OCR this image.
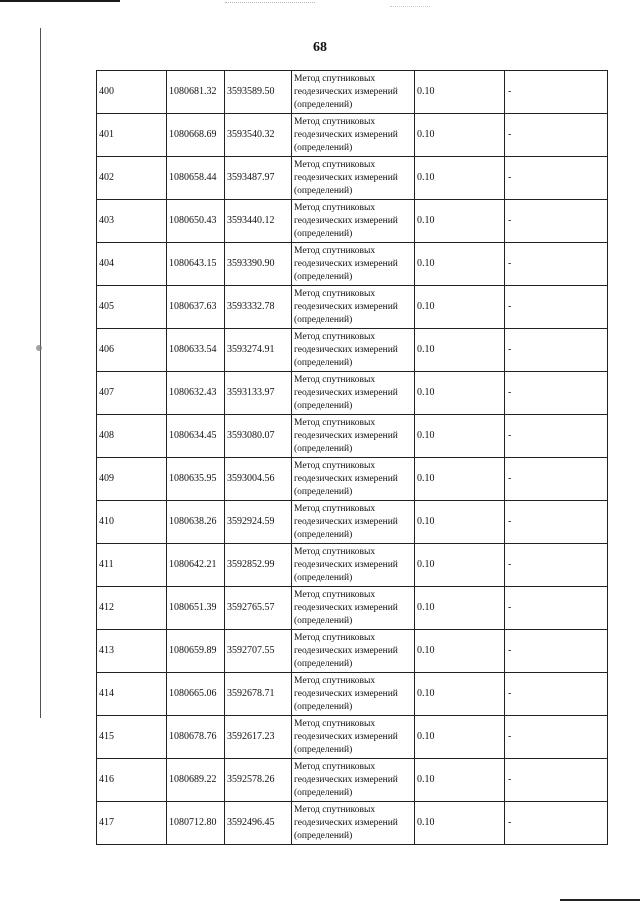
68
400	1080681.32	3593589.50	Метод спутниковых
геодезических измерений
(определений)	0.10	-
401	1080668.69	3593540.32	Метод спутниковых
геодезических измерений
(определений)	0.10	-
402	1080658.44	3593487.97	Метод спутниковых
геодезических измерений
(определений)	0.10	-
403	1080650.43	3593440.12	Метод спутниковых
геодезических измерений
(определений)	0.10	-
404	1080643.15	3593390.90	Метод спутниковых
геодезических измерений
(определений)	0.10	-
405	1080637.63	3593332.78	Метод спутниковых
геодезических измерений
(определений)	0.10	-
406	1080633.54	3593274.91	Метод спутниковых
геодезических измерений
(определений)	0.10	-
407	1080632.43	3593133.97	Метод спутниковых
геодезических измерений
(определений)	0.10	-
408	1080634.45	3593080.07	Метод спутниковых
геодезических измерений
(определений)	0.10	-
409	1080635.95	3593004.56	Метод спутниковых
геодезических измерений
(определений)	0.10	-
410	1080638.26	3592924.59	Метод спутниковых
геодезических измерений
(определений)	0.10	-
411	1080642.21	3592852.99	Метод спутниковых
геодезических измерений
(определений)	0.10	-
412	1080651.39	3592765.57	Метод спутниковых
геодезических измерений
(определений)	0.10	-
413	1080659.89	3592707.55	Метод спутниковых
геодезических измерений
(определений)	0.10	-
414	1080665.06	3592678.71	Метод спутниковых
геодезических измерений
(определений)	0.10	-
415	1080678.76	3592617.23	Метод спутниковых
геодезических измерений
(определений)	0.10	-
416	1080689.22	3592578.26	Метод спутниковых
геодезических измерений
(определений)	0.10	-
417	1080712.80	3592496.45	Метод спутниковых
геодезических измерений
(определений)	0.10	-
